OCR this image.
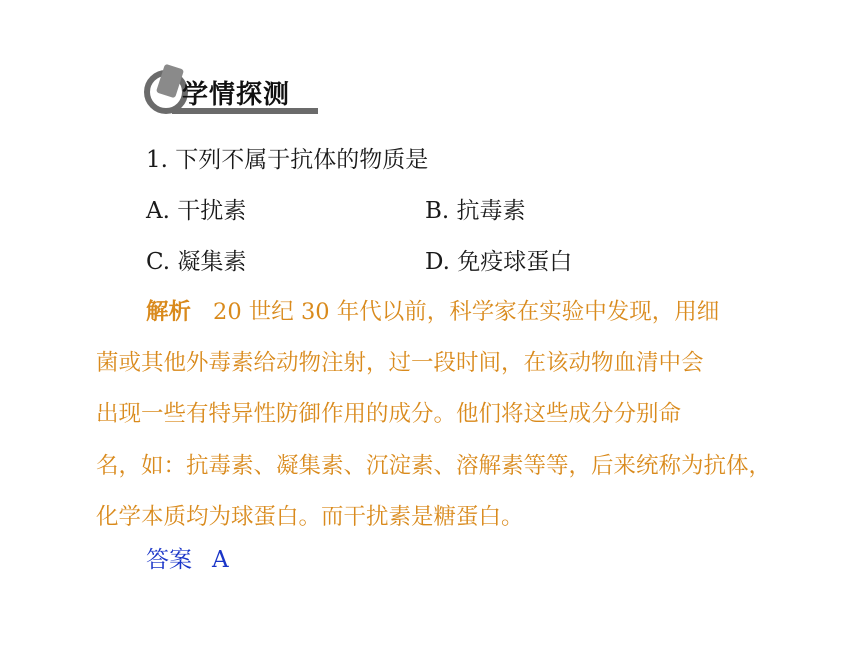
学情探测
1. 下列不属于抗体的物质是
A. 干扰素	B. 抗毒素
C. 凝集素	D. 免疫球蛋白
解析 20 世纪 30 年代以前，科学家在实验中发现，用细
菌或其他外毒素给动物注射，过一段时间，在该动物血清中会
出现一些有特异性防御作用的成分。他们将这些成分分别命
名，如：抗毒素、凝集素、沉淀素、溶解素等等，后来统称为抗体，
化学本质均为球蛋白。而干扰素是糖蛋白。
答案 A
